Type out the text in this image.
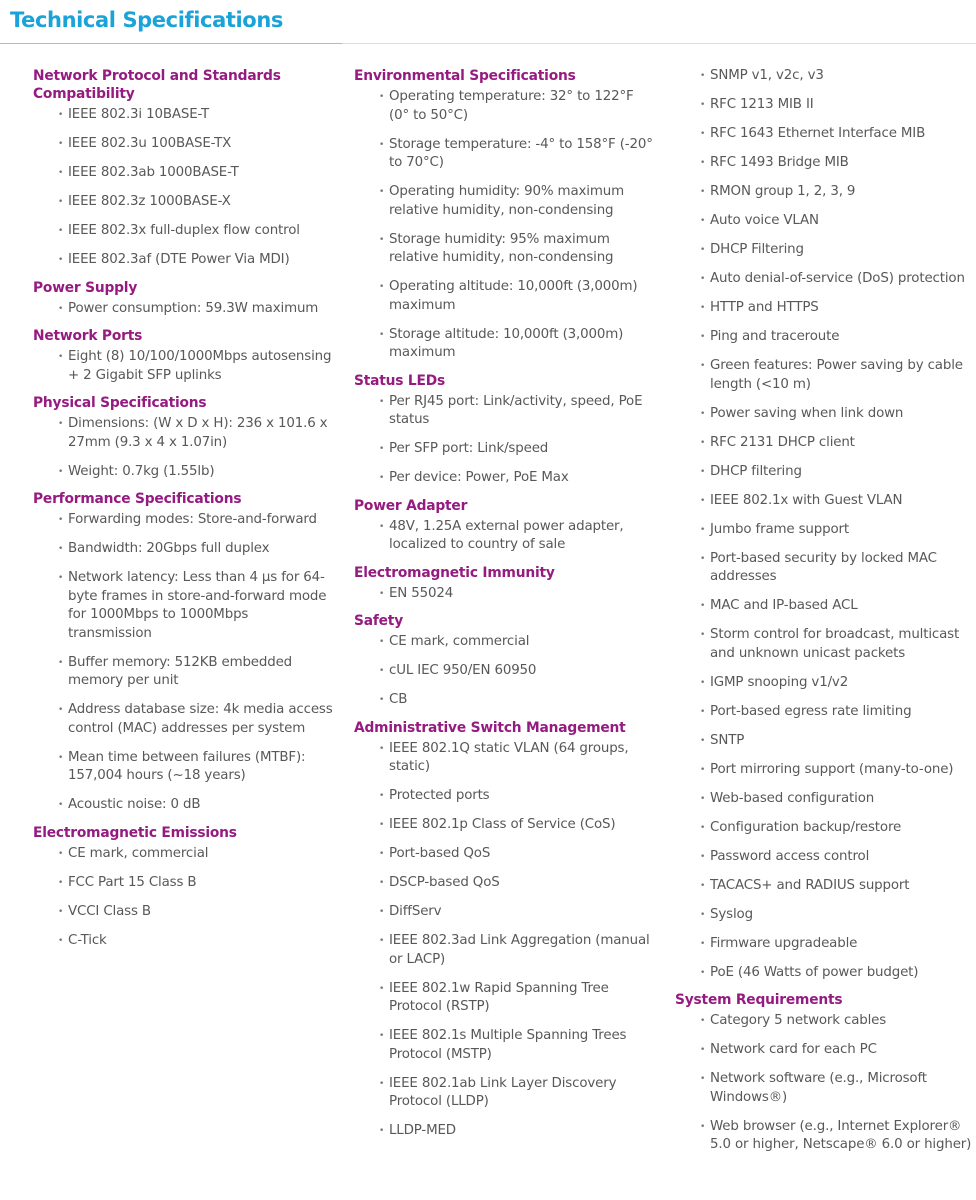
Technical Specifications
Network Protocol and Standards Compatibility
• IEEE 802.3i 10BASE-T
• IEEE 802.3u 100BASE-TX
• IEEE 802.3ab 1000BASE-T
• IEEE 802.3z 1000BASE-X
• IEEE 802.3x full-duplex flow control
• IEEE 802.3af (DTE Power Via MDI)
Power Supply
• Power consumption: 59.3W maximum
Network Ports
• Eight (8) 10/100/1000Mbps autosensing + 2 Gigabit SFP uplinks
Physical Specifications
• Dimensions: (W x D x H): 236 x 101.6 x 27mm (9.3 x 4 x 1.07in)
• Weight: 0.7kg (1.55lb)
Performance Specifications
• Forwarding modes: Store-and-forward
• Bandwidth: 20Gbps full duplex
• Network latency: Less than 4 µs for 64-byte frames in store-and-forward mode for 1000Mbps to 1000Mbps transmission
• Buffer memory: 512KB embedded memory per unit
• Address database size: 4k media access control (MAC) addresses per system
• Mean time between failures (MTBF): 157,004 hours (~18 years)
• Acoustic noise: 0 dB
Electromagnetic Emissions
• CE mark, commercial
• FCC Part 15 Class B
• VCCI Class B
• C-Tick
Environmental Specifications
• Operating temperature: 32° to 122°F (0° to 50°C)
• Storage temperature: -4° to 158°F (-20° to 70°C)
• Operating humidity: 90% maximum relative humidity, non-condensing
• Storage humidity: 95% maximum relative humidity, non-condensing
• Operating altitude: 10,000ft (3,000m) maximum
• Storage altitude: 10,000ft (3,000m) maximum
Status LEDs
• Per RJ45 port: Link/activity, speed, PoE status
• Per SFP port: Link/speed
• Per device: Power, PoE Max
Power Adapter
• 48V, 1.25A external power adapter, localized to country of sale
Electromagnetic Immunity
• EN 55024
Safety
• CE mark, commercial
• cUL IEC 950/EN 60950
• CB
Administrative Switch Management
• IEEE 802.1Q static VLAN (64 groups, static)
• Protected ports
• IEEE 802.1p Class of Service (CoS)
• Port-based QoS
• DSCP-based QoS
• DiffServ
• IEEE 802.3ad Link Aggregation (manual or LACP)
• IEEE 802.1w Rapid Spanning Tree Protocol (RSTP)
• IEEE 802.1s Multiple Spanning Trees Protocol (MSTP)
• IEEE 802.1ab Link Layer Discovery Protocol (LLDP)
• LLDP-MED
• SNMP v1, v2c, v3
• RFC 1213 MIB II
• RFC 1643 Ethernet Interface MIB
• RFC 1493 Bridge MIB
• RMON group 1, 2, 3, 9
• Auto voice VLAN
• DHCP Filtering
• Auto denial-of-service (DoS) protection
• HTTP and HTTPS
• Ping and traceroute
• Green features: Power saving by cable length (<10 m)
• Power saving when link down
• RFC 2131 DHCP client
• DHCP filtering
• IEEE 802.1x with Guest VLAN
• Jumbo frame support
• Port-based security by locked MAC addresses
• MAC and IP-based ACL
• Storm control for broadcast, multicast and unknown unicast packets
• IGMP snooping v1/v2
• Port-based egress rate limiting
• SNTP
• Port mirroring support (many-to-one)
• Web-based configuration
• Configuration backup/restore
• Password access control
• TACACS+ and RADIUS support
• Syslog
• Firmware upgradeable
• PoE (46 Watts of power budget)
System Requirements
• Category 5 network cables
• Network card for each PC
• Network software (e.g., Microsoft Windows®)
• Web browser (e.g., Internet Explorer® 5.0 or higher, Netscape® 6.0 or higher)
